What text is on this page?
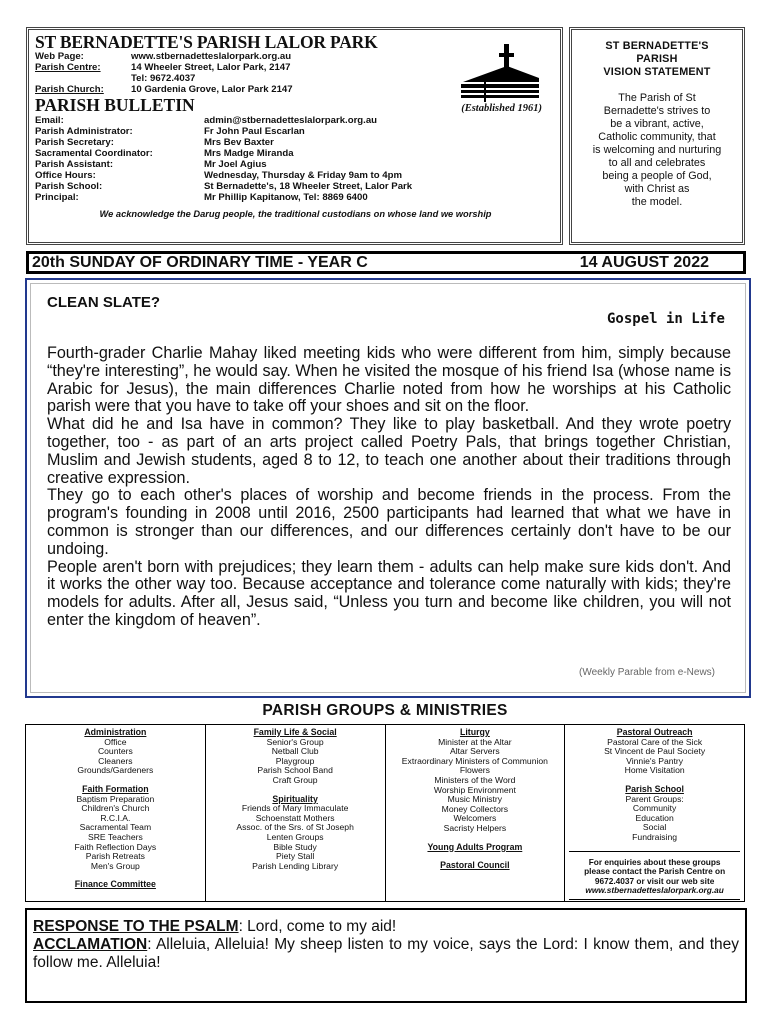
ST BERNADETTE'S PARISH LALOR PARK
Web Page:	www.stbernadetteslalorpark.org.au
Parish Centre:	14 Wheeler Street, Lalor Park, 2147
Tel: 9672.4037
Parish Church:	10 Gardenia Grove, Lalor Park 2147
PARISH BULLETIN	(Established 1961)
Email:	admin@stbernadetteslalorpark.org.au
Parish Administrator:	Fr John Paul Escarlan
Parish Secretary:	Mrs Bev Baxter
Sacramental Coordinator:	Mrs Madge Miranda
Parish Assistant:	Mr Joel Agius
Office Hours:	Wednesday, Thursday & Friday 9am to 4pm
Parish School:	St Bernadette's, 18 Wheeler Street, Lalor Park
Principal:	Mr Phillip Kapitanow, Tel: 8869 6400
We acknowledge the Darug people, the traditional custodians on whose land we worship
ST BERNADETTE'S
PARISH
VISION STATEMENT
The Parish of St
Bernadette's strives to
be a vibrant, active,
Catholic community, that
is welcoming and nurturing
to all and celebrates
being a people of God,
with Christ as
the model.
20th SUNDAY OF ORDINARY TIME - YEAR C	14 AUGUST 2022
CLEAN SLATE?
Gospel in Life

Fourth-grader Charlie Mahay liked meeting kids who were different from him, simply because “they're interesting”, he would say. When he visited the mosque of his friend Isa (whose name is Arabic for Jesus), the main differences Charlie noted from how he worships at his Catholic parish were that you have to take off your shoes and sit on the floor.

What did he and Isa have in common? They like to play basketball. And they wrote poetry together, too - as part of an arts project called Poetry Pals, that brings together Christian, Muslim and Jewish students, aged 8 to 12, to teach one another about their traditions through creative expression.

They go to each other's places of worship and become friends in the process. From the program's founding in 2008 until 2016, 2500 participants had learned that what we have in common is stronger than our differences, and our differences certainly don't have to be our undoing.

People aren't born with prejudices; they learn them - adults can help make sure kids don't. And it works the other way too. Because acceptance and tolerance come naturally with kids; they're models for adults. After all, Jesus said, “Unless you turn and become like children, you will not enter the kingdom of heaven”.

(Weekly Parable from e-News)
PARISH GROUPS & MINISTRIES
Administration
Office
Counters
Cleaners
Grounds/Gardeners
Faith Formation
Baptism Preparation
Children's Church
R.C.I.A.
Sacramental Team
SRE Teachers
Faith Reflection Days
Parish Retreats
Men's Group
Finance Committee
Family Life & Social
Senior's Group
Netball Club
Playgroup
Parish School Band
Craft Group
Spirituality
Friends of Mary Immaculate
Schoenstatt Mothers
Assoc. of the Srs. of St Joseph
Lenten Groups
Bible Study
Piety Stall
Parish Lending Library
Liturgy
Minister at the Altar
Altar Servers
Extraordinary Ministers of Communion
Flowers
Ministers of the Word
Worship Environment
Music Ministry
Money Collectors
Welcomers
Sacristy Helpers
Young Adults Program
Pastoral Council
Pastoral Outreach
Pastoral Care of the Sick
St Vincent de Paul Society
Vinnie's Pantry
Home Visitation
Parish School
Parent Groups:
Community
Education
Social
Fundraising
For enquiries about these groups
please contact the Parish Centre on
9672.4037 or visit our web site
www.stbernadetteslalorpark.org.au
RESPONSE TO THE PSALM: Lord, come to my aid!
ACCLAMATION: Alleluia, Alleluia! My sheep listen to my voice, says the Lord: I know them, and they follow me. Alleluia!
